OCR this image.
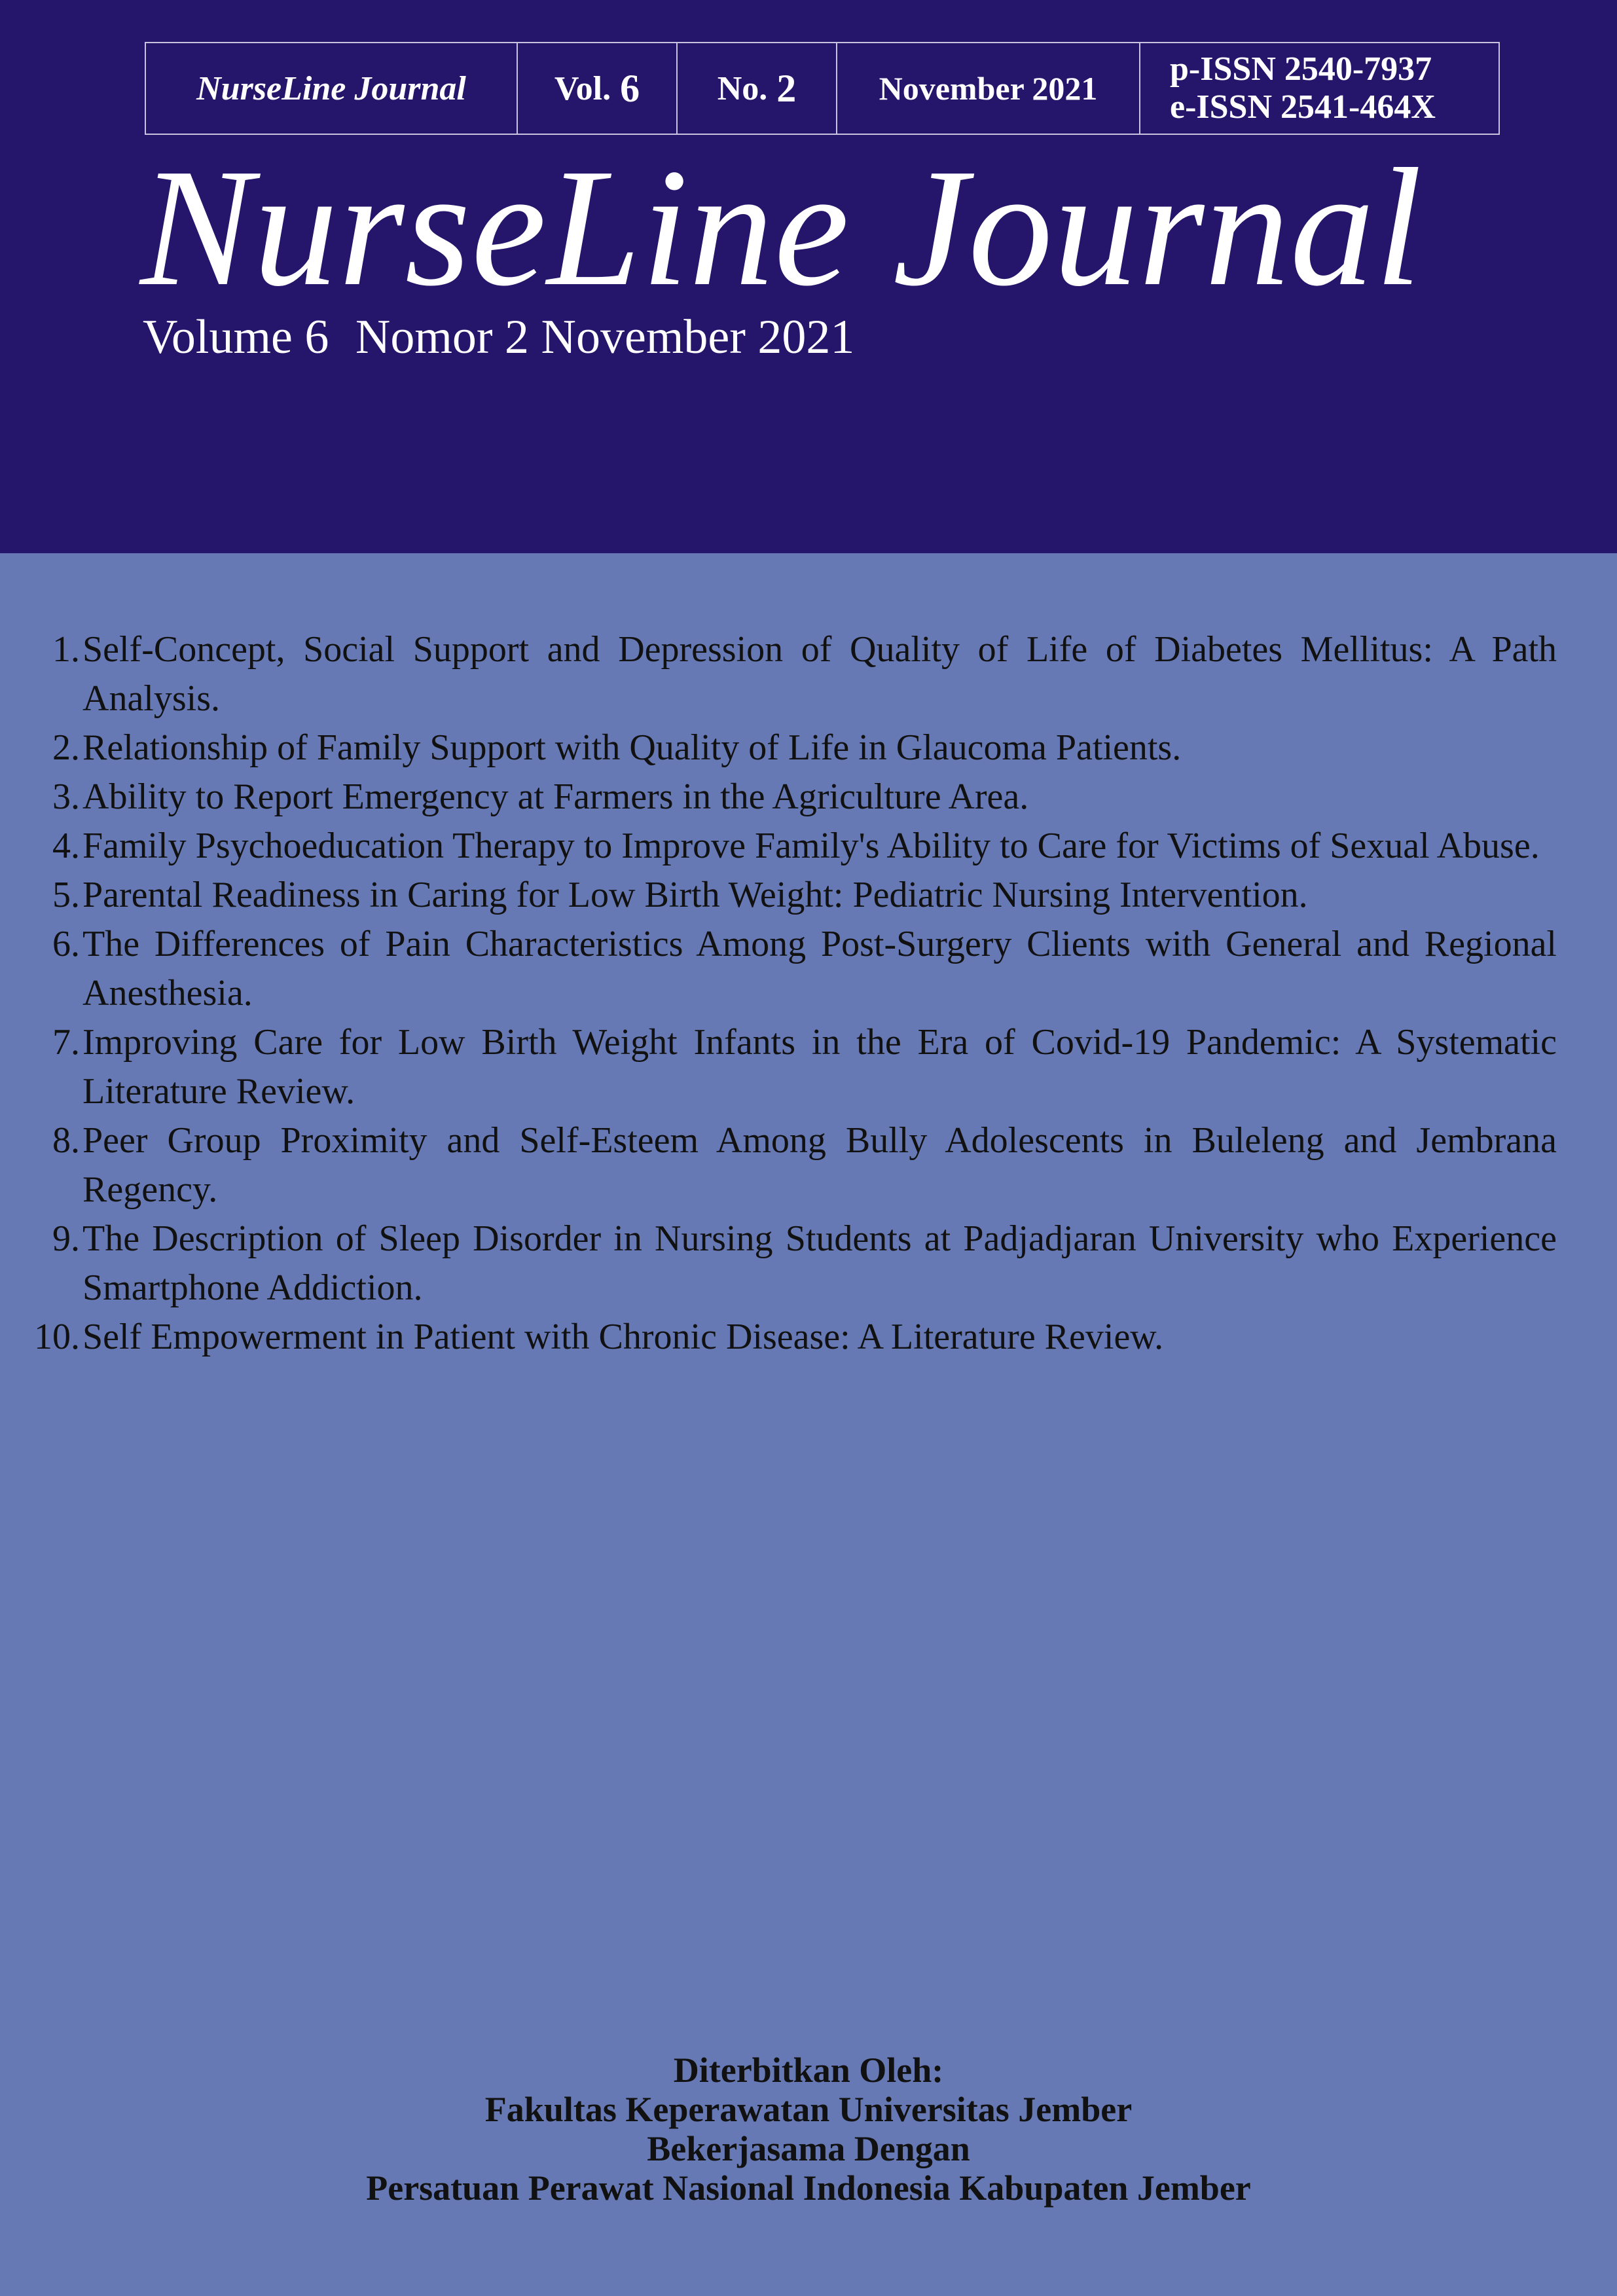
NurseLine Journal	Vol. 6 No. 2	November 2021
p-ISSN 2540-7937
e-ISSN 2541-464X
NurseLine Journal
Volume 6 Nomor 2 November 2021
1. Self-Concept, Social Support and Depression of Quality of Life of Diabetes Mellitus: A Path Analysis.
2. Relationship of Family Support with Quality of Life in Glaucoma Patients.
3. Ability to Report Emergency at Farmers in the Agriculture Area.
4. Family Psychoeducation Therapy to Improve Family's Ability to Care for Victims of Sexual Abuse.
5. Parental Readiness in Caring for Low Birth Weight: Pediatric Nursing Intervention.
6. The Differences of Pain Characteristics Among Post-Surgery Clients with General and Regional Anesthesia.
7. Improving Care for Low Birth Weight Infants in the Era of Covid-19 Pandemic: A Systematic Literature Review.
8. Peer Group Proximity and Self-Esteem Among Bully Adolescents in Buleleng and Jembrana Regency.
9. The Description of Sleep Disorder in Nursing Students at Padjadjaran University who Experience Smartphone Addiction.
10. Self Empowerment in Patient with Chronic Disease: A Literature Review.
Diterbitkan Oleh:
Fakultas Keperawatan Universitas Jember
Bekerjasama Dengan
Persatuan Perawat Nasional Indonesia Kabupaten Jember
